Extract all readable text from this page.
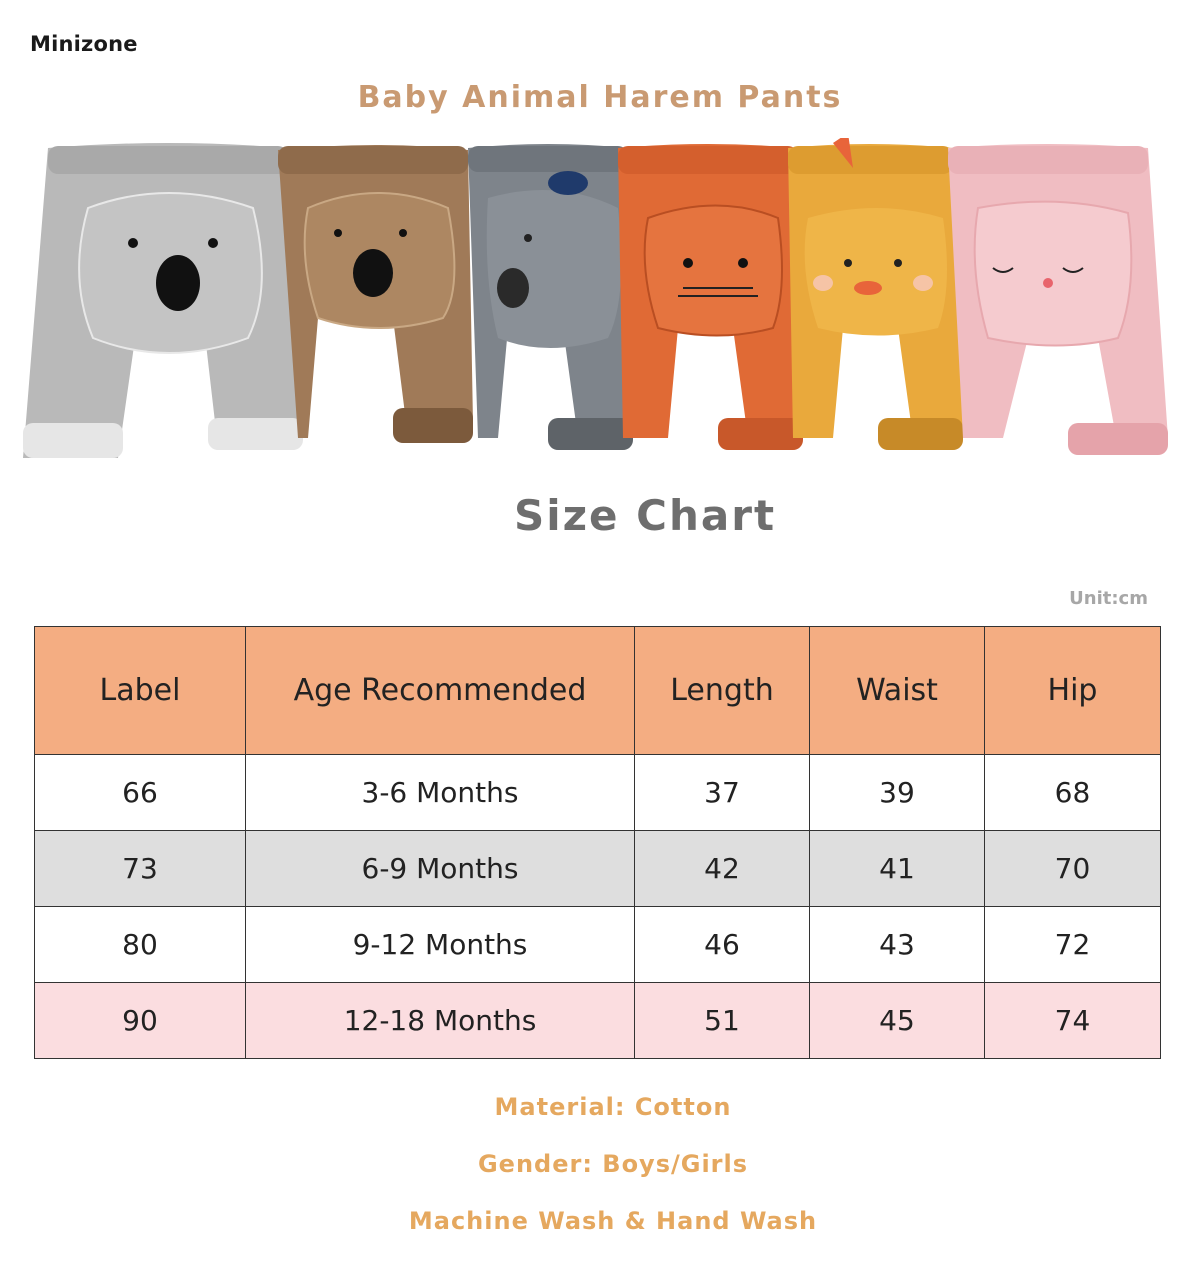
Minizone
Baby Animal Harem Pants
Size Chart
Unit:cm
Label	Age Recommended	Length	Waist	Hip
66	3-6 Months	37	39	68
73	6-9 Months	42	41	70
80	9-12 Months	46	43	72
90	12-18 Months	51	45	74
Material: Cotton
Gender: Boys/Girls
Machine Wash & Hand Wash
